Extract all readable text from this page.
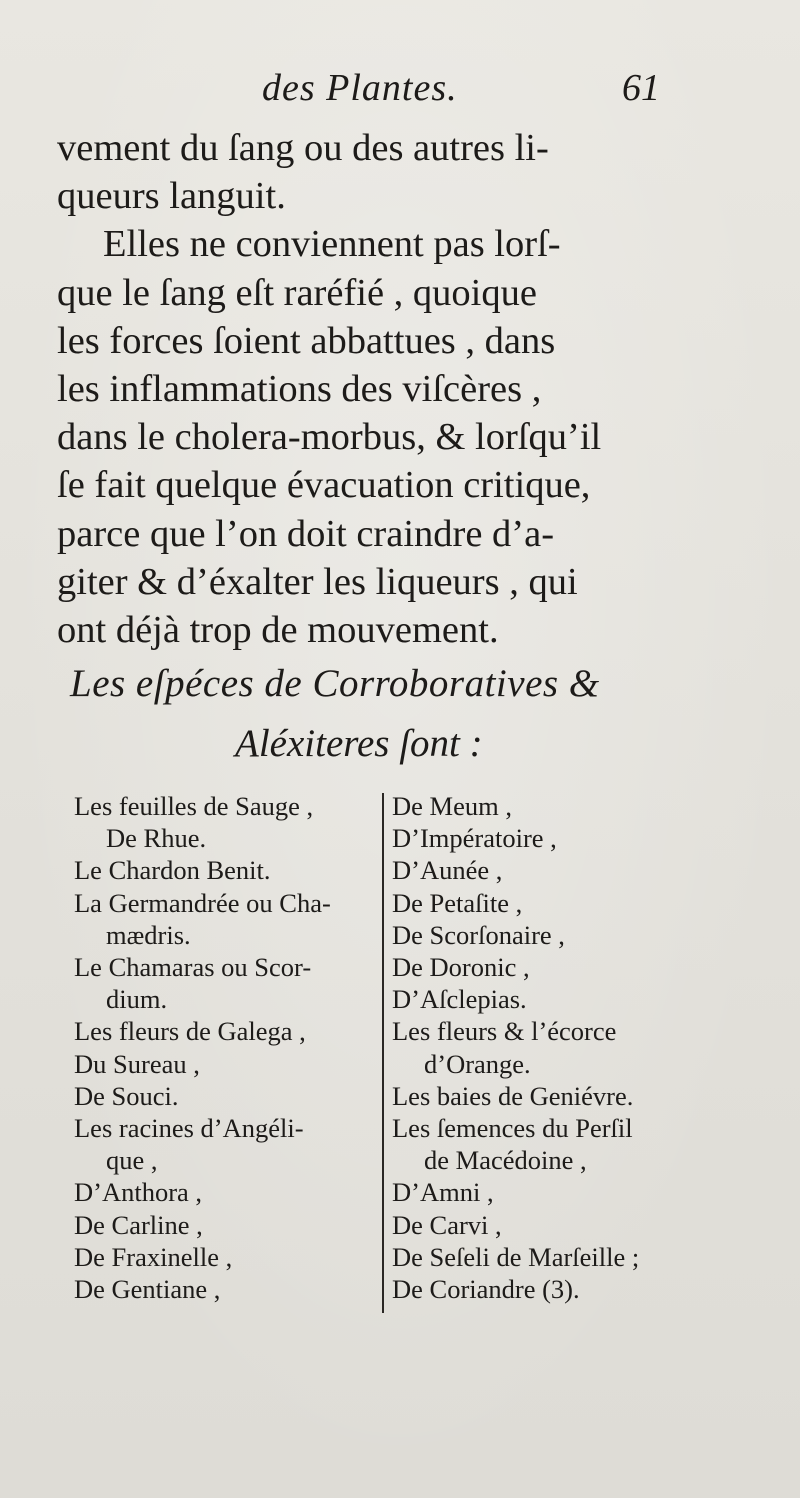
des Plantes.	61

vement du ſang ou des autres li-
queurs languit.

Elles ne conviennent pas lorſ-
que le ſang eſt raréfié , quoique
les forces ſoient abbattues , dans
les inflammations des viſcères ,
dans le cholera-morbus, & lorſqu’il
ſe fait quelque évacuation critique,
parce que l’on doit craindre d’a-
giter & d’éxalter les liqueurs , qui
ont déjà trop de mouvement.

Les eſpéces de Corroboratives &
Aléxiteres ſont :
Les feuilles de Sauge ,
De Rhue.
Le Chardon Benit.
La Germandrée ou Cha-
mædris.
Le Chamaras ou Scor-
dium.
Les fleurs de Galega ,
Du Sureau ,
De Souci.
Les racines d’Angéli-
que ,
D’Anthora ,
De Carline ,
De Fraxinelle ,
De Gentiane ,
De Meum ,
D’Impératoire ,
D’Aunée ,
De Petaſite ,
De Scorſonaire ,
De Doronic ,
D’Aſclepias.
Les fleurs & l’écorce
d’Orange.
Les baies de Geniévre.
Les ſemences du Perſil
de Macédoine ,
D’Amni ,
De Carvi ,
De Seſeli de Marſeille ;
De Coriandre (3).
